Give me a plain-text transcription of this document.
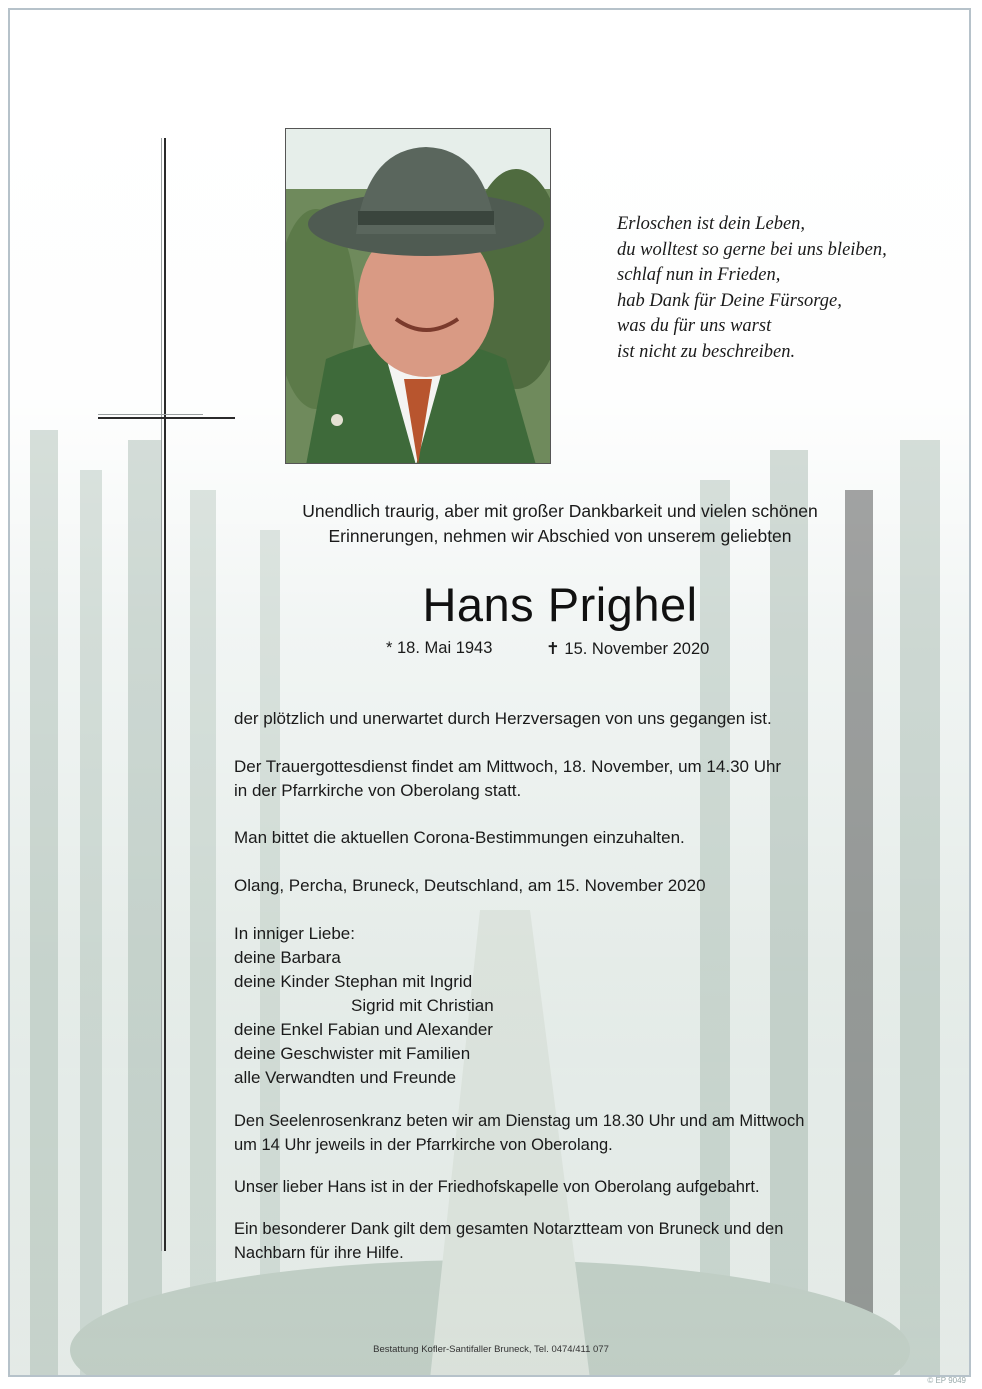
Erloschen ist dein Leben,
du wolltest so gerne bei uns bleiben,
schlaf nun in Frieden,
hab Dank für Deine Fürsorge,
was du für uns warst
ist nicht zu beschreiben.
Unendlich traurig, aber mit großer Dankbarkeit und vielen schönen
Erinnerungen, nehmen wir Abschied von unserem geliebten
Hans Prighel
* 18. Mai 1943	✝ 15. November 2020
der plötzlich und unerwartet durch Herzversagen von uns gegangen ist.
Der Trauergottesdienst findet am Mittwoch, 18. November, um 14.30 Uhr
in der Pfarrkirche von Oberolang statt.
Man bittet die aktuellen Corona-Bestimmungen einzuhalten.
Olang, Percha, Bruneck, Deutschland, am 15. November 2020
In inniger Liebe:
deine Barbara
deine Kinder Stephan mit Ingrid
Sigrid mit Christian
deine Enkel Fabian und Alexander
deine Geschwister mit Familien
alle Verwandten und Freunde
Den Seelenrosenkranz beten wir am Dienstag um 18.30 Uhr und am Mittwoch
um 14 Uhr jeweils in der Pfarrkirche von Oberolang.
Unser lieber Hans ist in der Friedhofskapelle von Oberolang aufgebahrt.
Ein besonderer Dank gilt dem gesamten Notarztteam von Bruneck und den
Nachbarn für ihre Hilfe.
Bestattung Kofler-Santifaller Bruneck, Tel. 0474/411 077
© EP 9049
